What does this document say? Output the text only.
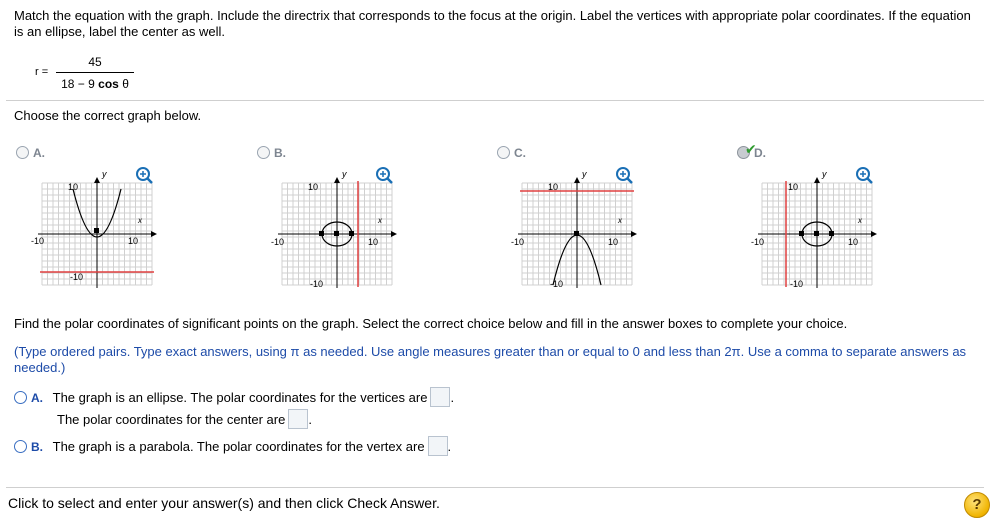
Match the equation with the graph. Include the directrix that corresponds to the focus at the origin. Label the vertices with appropriate polar coordinates. If the equation is an ellipse, label the center as well.
r =
45
18 − 9 cos θ
Choose the correct graph below.
A.	B.	C.	✔
D.
y
10
-10
-10	10
x
y
10
-10
-10	10
x
y
10
-10
-10	10
x
y
10
-10
-10	10
x
Find the polar coordinates of significant points on the graph. Select the correct choice below and fill in the answer boxes to complete your choice.
(Type ordered pairs. Type exact answers, using π as needed. Use angle measures greater than or equal to 0 and less than 2π. Use a comma to separate answers as needed.)
A. The graph is an ellipse. The polar coordinates for the vertices are .
The polar coordinates for the center are .
B. The graph is a parabola. The polar coordinates for the vertex are .
Click to select and enter your answer(s) and then click Check Answer.	?
